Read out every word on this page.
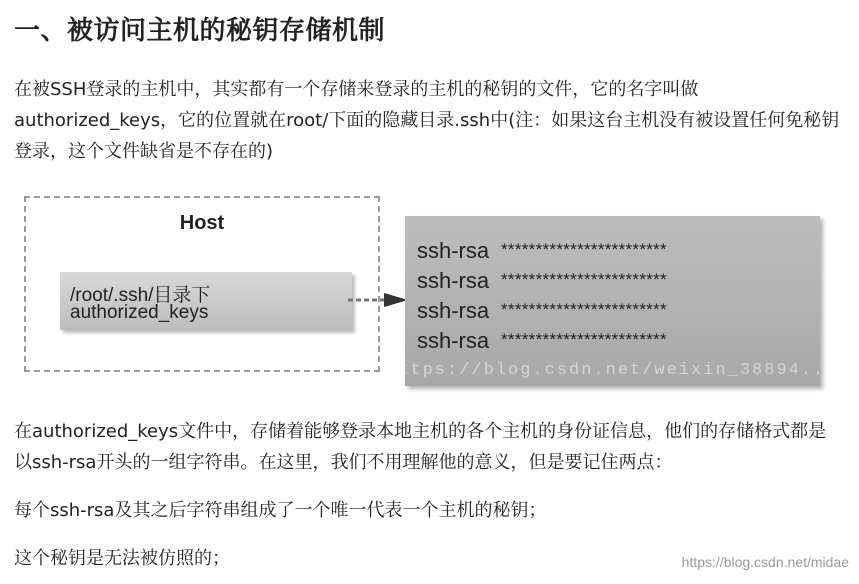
一、被访问主机的秘钥存储机制

在被SSH登录的主机中，其实都有一个存储来登录的主机的秘钥的文件，它的名字叫做authorized_keys，它的位置就在root/下面的隐藏目录.ssh中(注：如果这台主机没有被设置任何免秘钥登录，这个文件缺省是不存在的)

Host
/root/.ssh/目录下
authorized_keys
ssh-rsa ************************
ssh-rsa ************************
ssh-rsa ************************
ssh-rsa ************************
https://blog.csdn.net/weixin_38894...

在authorized_keys文件中，存储着能够登录本地主机的各个主机的身份证信息，他们的存储格式都是以ssh-rsa开头的一组字符串。在这里，我们不用理解他的意义，但是要记住两点：

每个ssh-rsa及其之后字符串组成了一个唯一代表一个主机的秘钥；

这个秘钥是无法被仿照的；	https://blog.csdn.net/midae
